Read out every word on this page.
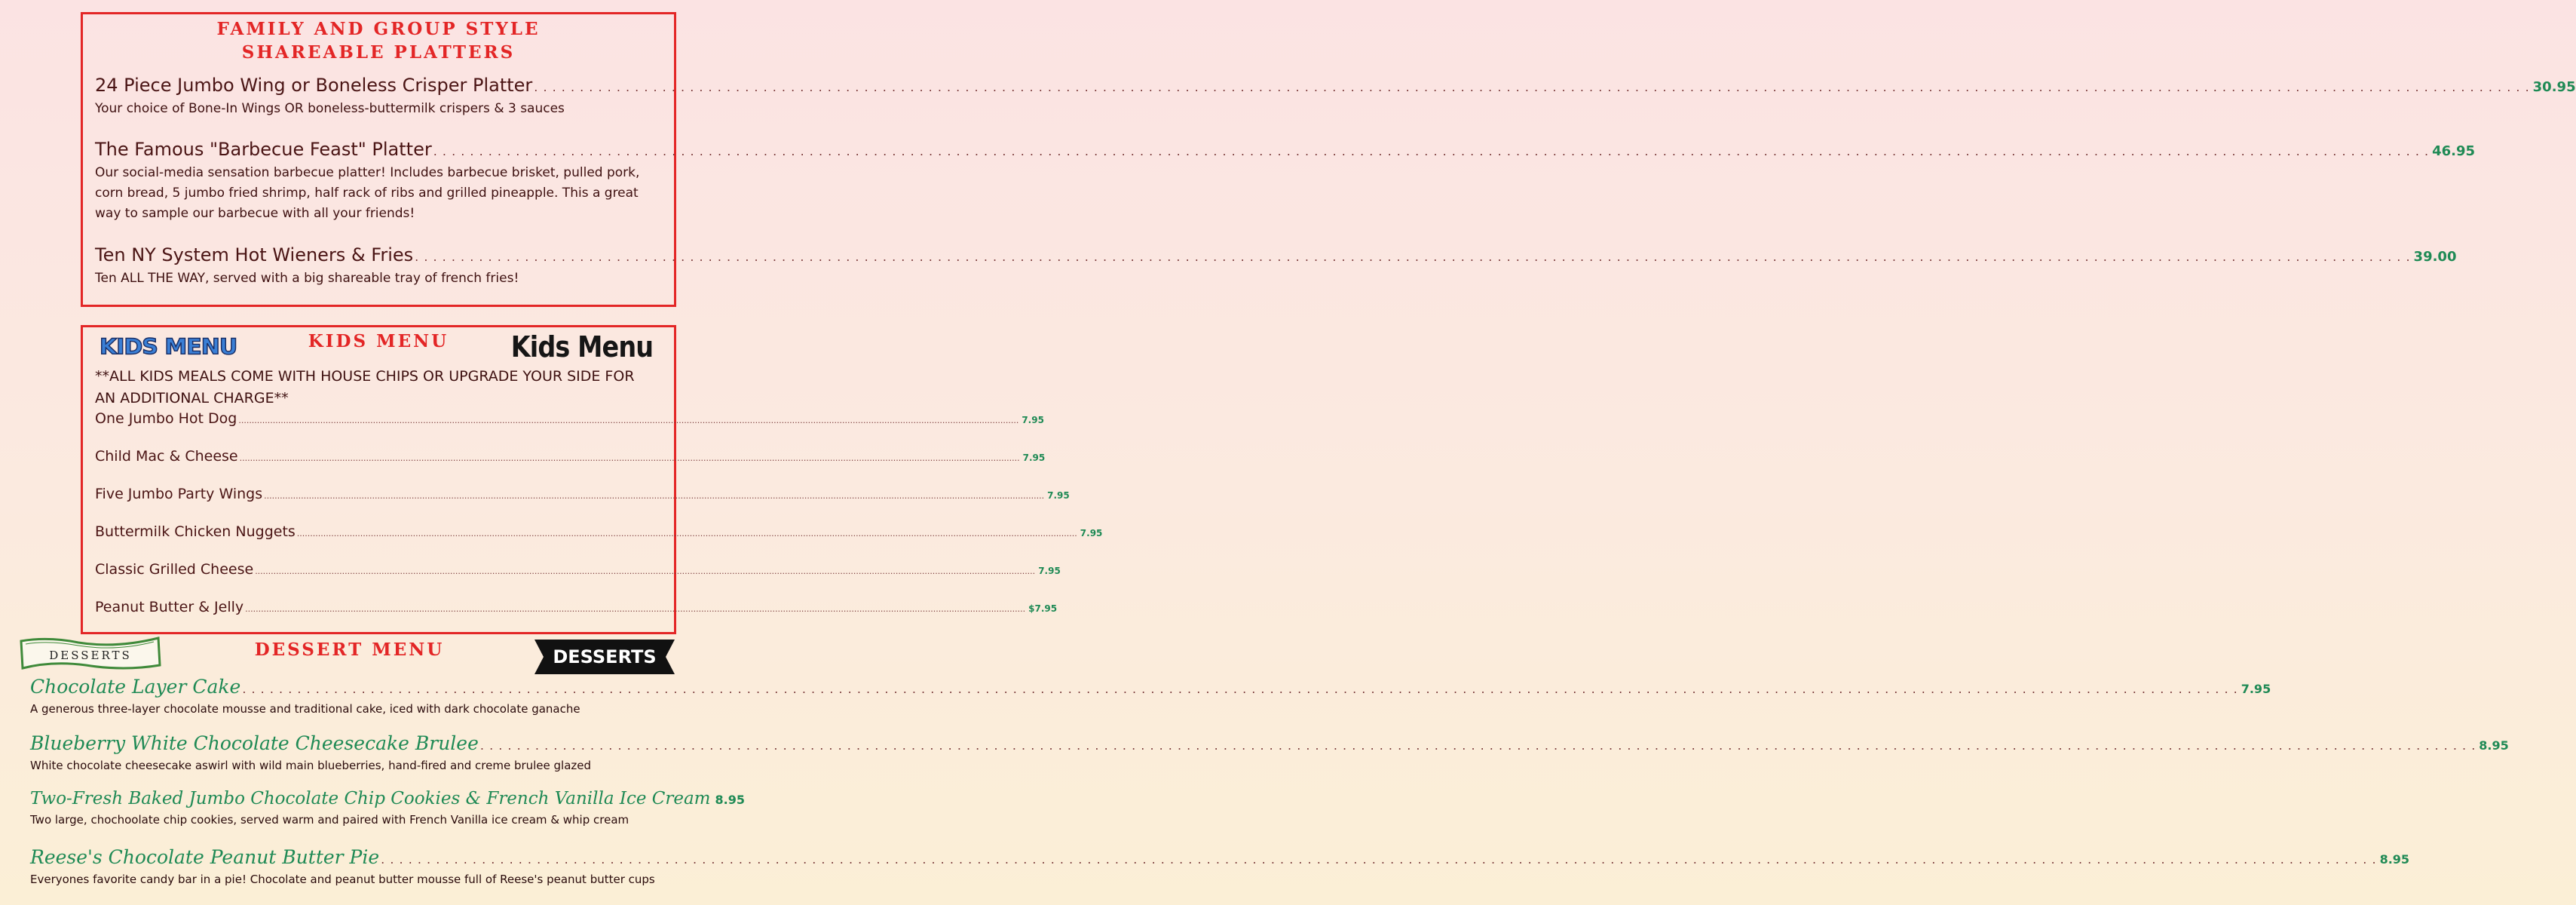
FAMILY AND GROUP STYLE
SHAREABLE PLATTERS
24 Piece Jumbo Wing or Boneless Crisper Platter . . .	30.95
Your choice of Bone-In Wings OR boneless-buttermilk crispers & 3 sauces
The Famous "Barbecue Feast" Platter . . .	46.95
Our social-media sensation barbecue platter! Includes barbecue brisket, pulled pork, corn bread, 5 jumbo fried shrimp, half rack of ribs and grilled pineapple. This a great way to sample our barbecue with all your friends!
Ten NY System Hot Wieners & Fries . . .	39.00
Ten ALL THE WAY, served with a big shareable tray of french fries!
KIDS MENU	KIDS MENU	Kids Menu
**ALL KIDS MEALS COME WITH HOUSE CHIPS OR UPGRADE YOUR SIDE FOR AN ADDITIONAL CHARGE**
One Jumbo Hot Dog .....	7.95
Child Mac & Cheese .....	7.95
Five Jumbo Party Wings .....	7.95
Buttermilk Chicken Nuggets .....	7.95
Classic Grilled Cheese .....	7.95
Peanut Butter & Jelly .....	$7.95
DESSERTS	DESSERT MENU	DESSERTS
Chocolate Layer Cake . . .	7.95
A generous three-layer chocolate mousse and traditional cake, iced with dark chocolate ganache
Blueberry White Chocolate Cheesecake Brulee . . .	8.95
White chocolate cheesecake aswirl with wild main blueberries, hand-fired and creme brulee glazed
Two-Fresh Baked Jumbo Chocolate Chip Cookies & French Vanilla Ice Cream 8.95
Two large, chochoolate chip cookies, served warm and paired with French Vanilla ice cream & whip cream
Reese's Chocolate Peanut Butter Pie . . .	8.95
Everyones favorite candy bar in a pie! Chocolate and peanut butter mousse full of Reese's peanut butter cups
